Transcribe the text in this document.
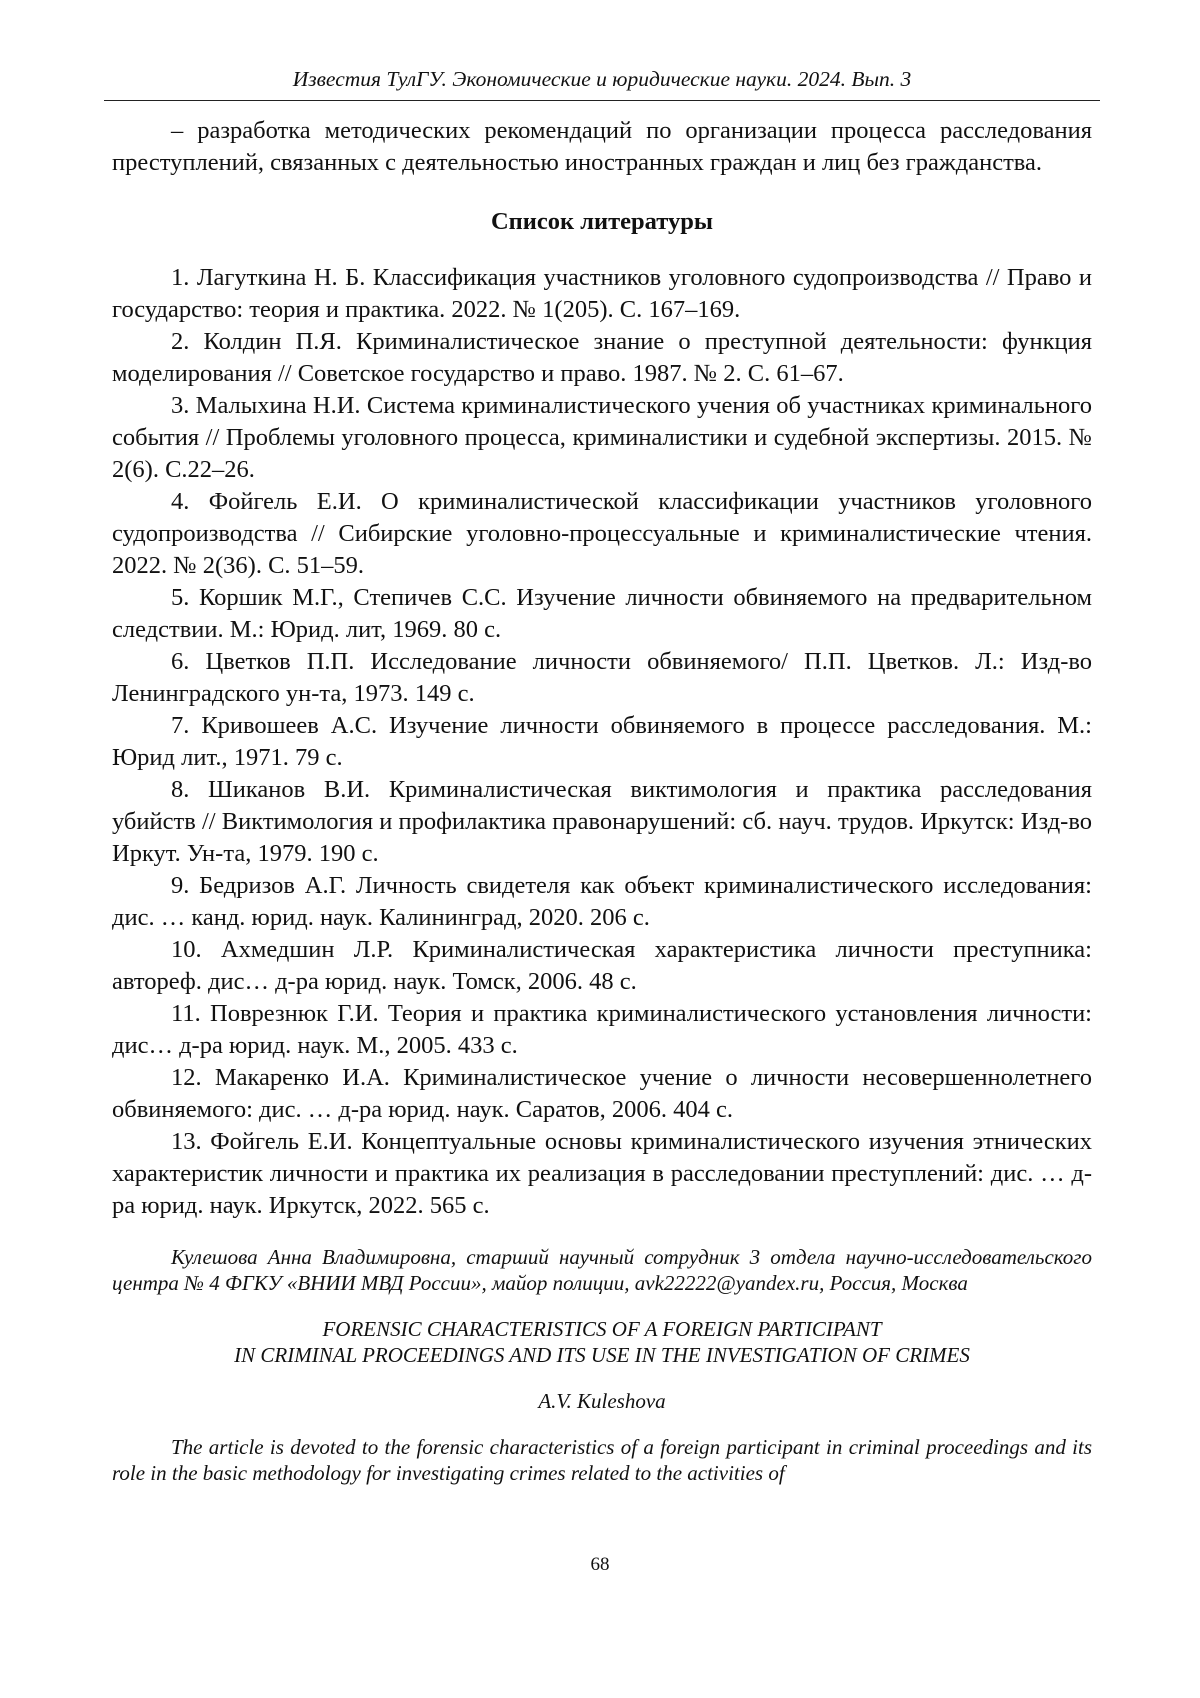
Известия ТулГУ. Экономические и юридические науки. 2024. Вып. 3

– разработка методических рекомендаций по организации процесса расследования преступлений, связанных с деятельностью иностранных граждан и лиц без гражданства.

Список литературы
1. Лагуткина Н. Б. Классификация участников уголовного судопроизводства // Право и государство: теория и практика. 2022. № 1(205). С. 167–169.
2. Колдин П.Я. Криминалистическое знание о преступной деятельности: функция моделирования // Советское государство и право. 1987. № 2. С. 61–67.
3. Малыхина Н.И. Система криминалистического учения об участниках криминального события // Проблемы уголовного процесса, криминалистики и судебной экспертизы. 2015. № 2(6). С.22–26.
4. Фойгель Е.И. О криминалистической классификации участников уголовного судопроизводства // Сибирские уголовно-процессуальные и криминалистические чтения. 2022. № 2(36). С. 51–59.
5. Коршик М.Г., Степичев С.С. Изучение личности обвиняемого на предварительном следствии. М.: Юрид. лит, 1969. 80 с.
6. Цветков П.П. Исследование личности обвиняемого/ П.П. Цветков. Л.: Изд-во Ленинградского ун-та, 1973. 149 с.
7. Кривошеев А.С. Изучение личности обвиняемого в процессе расследования. М.: Юрид лит., 1971. 79 с.
8. Шиканов В.И. Криминалистическая виктимология и практика расследования убийств // Виктимология и профилактика правонарушений: сб. науч. трудов. Иркутск: Изд-во Иркут. Ун-та, 1979. 190 с.
9. Бедризов А.Г. Личность свидетеля как объект криминалистического исследования: дис. … канд. юрид. наук. Калининград, 2020. 206 с.
10. Ахмедшин Л.Р. Криминалистическая характеристика личности преступника: автореф. дис… д-ра юрид. наук. Томск, 2006. 48 с.
11. Поврезнюк Г.И. Теория и практика криминалистического установления личности: дис… д-ра юрид. наук. М., 2005. 433 с.
12. Макаренко И.А. Криминалистическое учение о личности несовершеннолетнего обвиняемого: дис. … д-ра юрид. наук. Саратов, 2006. 404 с.
13. Фойгель Е.И. Концептуальные основы криминалистического изучения этнических характеристик личности и практика их реализация в расследовании преступлений: дис. … д-ра юрид. наук. Иркутск, 2022. 565 с.
Кулешова Анна Владимировна, старший научный сотрудник 3 отдела научно-исследовательского центра № 4 ФГКУ «ВНИИ МВД России», майор полиции, avk22222@yandex.ru, Россия, Москва
FORENSIC CHARACTERISTICS OF A FOREIGN PARTICIPANT
IN CRIMINAL PROCEEDINGS AND ITS USE IN THE INVESTIGATION OF CRIMES
A.V. Kuleshova
The article is devoted to the forensic characteristics of a foreign participant in criminal proceedings and its role in the basic methodology for investigating crimes related to the activities of
68
